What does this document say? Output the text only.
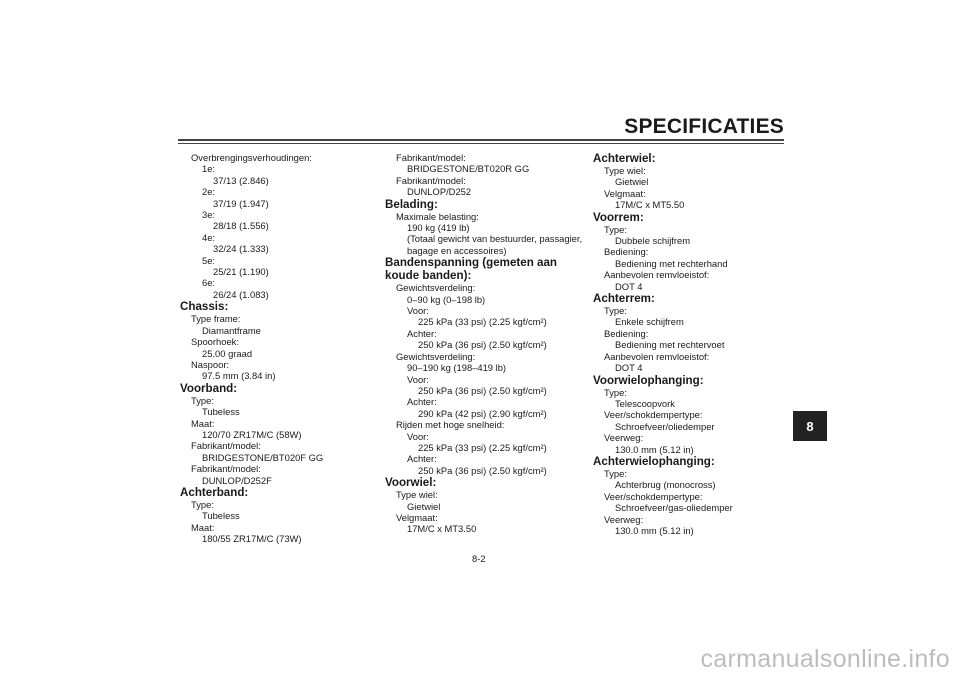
SPECIFICATIES
Overbrengingsverhoudingen:
1e:
37/13 (2.846)
2e:
37/19 (1.947)
3e:
28/18 (1.556)
4e:
32/24 (1.333)
5e:
25/21 (1.190)
6e:
26/24 (1.083)
Chassis:
Type frame:
Diamantframe
Spoorhoek:
25.00 graad
Naspoor:
97.5 mm (3.84 in)
Voorband:
Type:
Tubeless
Maat:
120/70 ZR17M/C (58W)
Fabrikant/model:
BRIDGESTONE/BT020F GG
Fabrikant/model:
DUNLOP/D252F
Achterband:
Type:
Tubeless
Maat:
180/55 ZR17M/C (73W)
Fabrikant/model:
BRIDGESTONE/BT020R GG
Fabrikant/model:
DUNLOP/D252
Belading:
Maximale belasting:
190 kg (419 lb)
(Totaal gewicht van bestuurder, passagier,
bagage en accessoires)
Bandenspanning (gemeten aan koude banden):
Gewichtsverdeling:
0–90 kg (0–198 lb)
Voor:
225 kPa (33 psi) (2.25 kgf/cm²)
Achter:
250 kPa (36 psi) (2.50 kgf/cm²)
Gewichtsverdeling:
90–190 kg (198–419 lb)
Voor:
250 kPa (36 psi) (2.50 kgf/cm²)
Achter:
290 kPa (42 psi) (2.90 kgf/cm²)
Rijden met hoge snelheid:
Voor:
225 kPa (33 psi) (2.25 kgf/cm²)
Achter:
250 kPa (36 psi) (2.50 kgf/cm²)
Voorwiel:
Type wiel:
Gietwiel
Velgmaat:
17M/C x MT3.50
Achterwiel:
Type wiel:
Gietwiel
Velgmaat:
17M/C x MT5.50
Voorrem:
Type:
Dubbele schijfrem
Bediening:
Bediening met rechterhand
Aanbevolen remvloeistof:
DOT 4
Achterrem:
Type:
Enkele schijfrem
Bediening:
Bediening met rechtervoet
Aanbevolen remvloeistof:
DOT 4
Voorwielophanging:
Type:
Telescoopvork
Veer/schokdempertype:
Schroefveer/oliedemper
Veerweg:
130.0 mm (5.12 in)
Achterwielophanging:
Type:
Achterbrug (monocross)
Veer/schokdempertype:
Schroefveer/gas-oliedemper
Veerweg:
130.0 mm (5.12 in)
8-2
8
carmanualsonline.info
